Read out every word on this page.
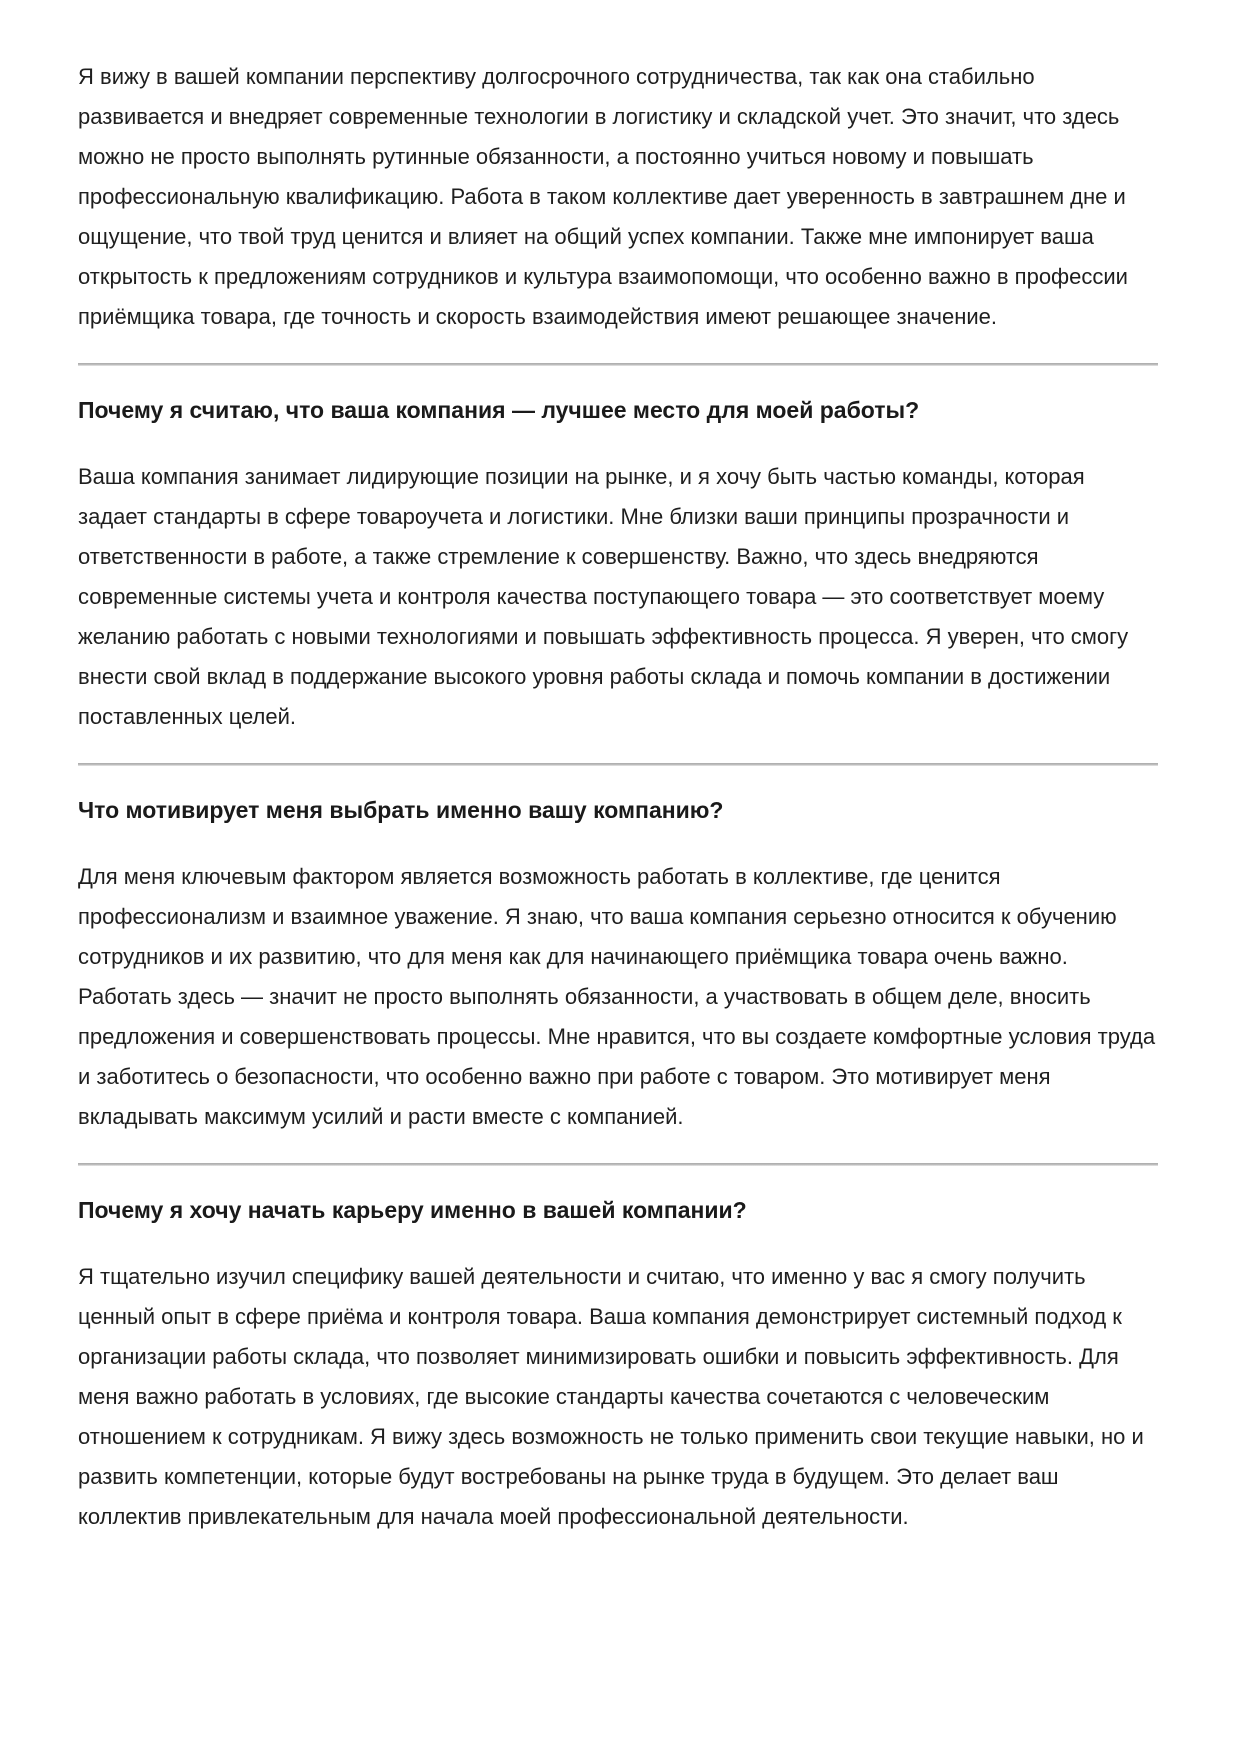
Я вижу в вашей компании перспективу долгосрочного сотрудничества, так как она стабильно развивается и внедряет современные технологии в логистику и складской учет. Это значит, что здесь можно не просто выполнять рутинные обязанности, а постоянно учиться новому и повышать профессиональную квалификацию. Работа в таком коллективе дает уверенность в завтрашнем дне и ощущение, что твой труд ценится и влияет на общий успех компании. Также мне импонирует ваша открытость к предложениям сотрудников и культура взаимопомощи, что особенно важно в профессии приёмщика товара, где точность и скорость взаимодействия имеют решающее значение.

Почему я считаю, что ваша компания — лучшее место для моей работы?

Ваша компания занимает лидирующие позиции на рынке, и я хочу быть частью команды, которая задает стандарты в сфере товароучета и логистики. Мне близки ваши принципы прозрачности и ответственности в работе, а также стремление к совершенству. Важно, что здесь внедряются современные системы учета и контроля качества поступающего товара — это соответствует моему желанию работать с новыми технологиями и повышать эффективность процесса. Я уверен, что смогу внести свой вклад в поддержание высокого уровня работы склада и помочь компании в достижении поставленных целей.

Что мотивирует меня выбрать именно вашу компанию?

Для меня ключевым фактором является возможность работать в коллективе, где ценится профессионализм и взаимное уважение. Я знаю, что ваша компания серьезно относится к обучению сотрудников и их развитию, что для меня как для начинающего приёмщика товара очень важно. Работать здесь — значит не просто выполнять обязанности, а участвовать в общем деле, вносить предложения и совершенствовать процессы. Мне нравится, что вы создаете комфортные условия труда и заботитесь о безопасности, что особенно важно при работе с товаром. Это мотивирует меня вкладывать максимум усилий и расти вместе с компанией.

Почему я хочу начать карьеру именно в вашей компании?

Я тщательно изучил специфику вашей деятельности и считаю, что именно у вас я смогу получить ценный опыт в сфере приёма и контроля товара. Ваша компания демонстрирует системный подход к организации работы склада, что позволяет минимизировать ошибки и повысить эффективность. Для меня важно работать в условиях, где высокие стандарты качества сочетаются с человеческим отношением к сотрудникам. Я вижу здесь возможность не только применить свои текущие навыки, но и развить компетенции, которые будут востребованы на рынке труда в будущем. Это делает ваш коллектив привлекательным для начала моей профессиональной деятельности.
